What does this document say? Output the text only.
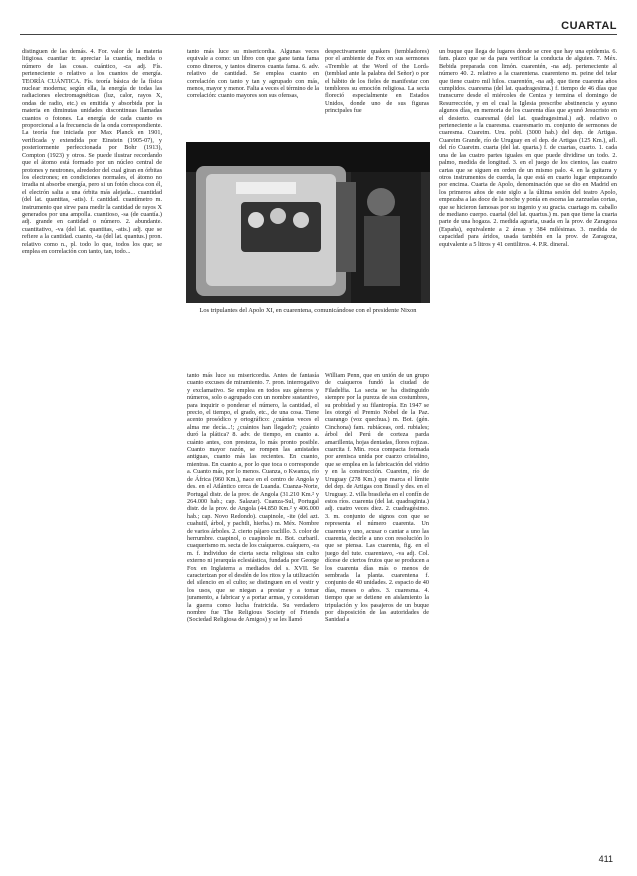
CUARTAL

distinguen de las demás. 4. For. valor de la materia litigiosa. cuantiar tr. apreciar la cuantía, medida o número de las cosas. cuántico, -ca adj. Fís. perteneciente o relativo a los cuantos de energía. TEORÍA CUÁNTICA. Fís. teoría básica de la física nuclear moderna; según ella, la energía de todas las radiaciones electromagnéticas (luz, calor, rayos X, ondas de radio, etc.) es emitida y absorbida por la materia en diminutas unidades discontinuas llamadas cuantos o fotones. La energía de cada cuanto es proporcional a la frecuencia de la onda correspondiente. La teoría fue iniciada por Max Planck en 1901, verificada y extendida por Einstein (1905-07), y posteriormente perfeccionada por Bohr (1913), Compton (1923) y otros. Se puede ilustrar recordando que el átomo está formado por un núcleo central de protones y neutrones, alrededor del cual giran en órbitas los electrones; en condiciones normales, el átomo no irradia ni absorbe energía, pero si un fotón choca con él, el electrón salta a una órbita más alejada... cuantidad (del lat. quantitas, -atis). f. cantidad. cuantímetro m. instrumento que sirve para medir la cantidad de rayos X generados por una ampolla. cuantioso, -sa (de cuantía.) adj. grande en cantidad o número. 2. abundante. cuantitativo, -va (del lat. quantitas, -atis.) adj. que se refiere a la cantidad. cuanto, -ta (del lat. quantus.) pron. relativo como n., pl. todo lo que, todos los que; se emplea en correlación con tanto, tan, todo...

tanto más luce su misericordia. Algunas veces equivale a como: un libro con que gane tanta fama como dineros, y tantos dineros cuanta fama. 6. adv. relativo de cantidad. Se emplea cuanto en correlación con tanto y tan y agrupado con más, menos, mayor y menor. Falta a veces el término de la correlación: cuanto mayores son sus ofensas,

despectivamente quakers (tembladores) por el ambiente de Fox en sus sermones «Tremble at the Word of the Lord» (temblad ante la palabra del Señor) o por el hábito de los fieles de manifestar con temblores su emoción religiosa. La secta floreció especialmente en Estados Unidos, donde uno de sus figuras principales fue

un buque que llega de lugares donde se cree que hay una epidemia. 6. fam. plazo que se da para verificar la conducta de alguien. 7. Méx. Bebida preparada con limón. cuarentén, -na adj. perteneciente al número 40. 2. relativo a la cuarentena. cuarenteno m. peine del telar que tiene cuatro mil hilos. cuarentón, -na adj. que tiene cuarenta años cumplidos. cuaresma (del lat. quadragesima.) f. tiempo de 46 días que transcurre desde el miércoles de Ceniza y termina el domingo de Resurrección, y en el cual la Iglesia prescribe abstinencia y ayuno algunos días, en memoria de los cuarenta días que ayunó Jesucristo en el desierto. cuaresmal (del lat. quadragesimal.) adj. relativo o perteneciente a la cuaresma. cuaresmario m. conjunto de sermones de cuaresma. Cuareim. Uru. pobl. (3000 hab.) del dep. de Artigas. Cuareim Grande, río de Uruguay en el dep. de Artigas (125 Km.), afl. del río Cuareim. cuarta (del lat. quarta.) f. de cuartas, cuarto. 1. cada una de las cuatro partes iguales en que puede dividirse un todo. 2. palmo, medida de longitud. 3. en el juego de los cientos, las cuatro cartas que se siguen en orden de un mismo palo. 4. en la guitarra y otros instrumentos de cuerda, la que está en cuarto lugar empezando por encima. Cuarta de Apolo, denominación que se dio en Madrid en los primeros años de este siglo a la última sesión del teatro Apolo, empezaba a las doce de la noche y ponía en escena las zarzuelas cortas, que se hicieron famosas por su ingenio y su gracia. cuartago m. caballo de mediano cuerpo. cuartal (del lat. quartus.) m. pan que tiene la cuarta parte de una hogaza. 2. medida agraria, usada en la prov. de Zaragoza (España), equivalente a 2 áreas y 384 milésimas. 3. medida de capacidad para áridos, usada también en la prov. de Zaragoza, equivalente a 5 litros y 41 centilitros. 4. P.R. dineral.

Los tripulantes del Apolo XI, en cuarentena, comunicándose con el presidente Nixon

tanto más luce su misericordia. Antes de fantasía cuanto excuses de miramiento. 7. pron. interrogativo y exclamativo. Se emplea en todos sus géneros y números, solo o agrupado con un nombre sustantivo, para inquirir o ponderar el número, la cantidad, el precio, el tiempo, el grado, etc., de una cosa. Tiene acento prosódico y ortográfico: ¿cuántas veces el alma me decía...!; ¿cuántos han llegado?; ¿cuánto duró la plática? 8. adv. de tiempo, en cuanto a. cuánto antes, con presteza, lo más pronto posible. Cuanto mayor razón, se rompen las amistades antiguas, cuanto más las recientes. En cuanto, mientras. En cuanto a, por lo que toca o corresponde a. Cuanto más, por lo menos. Cuanza, o Kwanza, río de África (960 Km.), nace en el centro de Angola y des. en el Atlántico cerca de Luanda. Cuanza-Norte, Portugal distr. de la prov. de Angola (31.210 Km.² y 264.000 hab.; cap. Salazar). Cuanza-Sul, Portugal distr. de la prov. de Angola (44.850 Km.² y 406.000 hab.; cap. Novo Redondo). cuapinole, -ite (del azt. cuahuitl, árbol, y pachtli, hierba.) m. Méx. Nombre de varios árboles. 2. cierto pájaro cuclillo. 3. color de herrumbre. cuapinol, o cuapinole m. Bot. curbaril. cuaquerismo m. secta de los cuáqueros. cuáquero, -ra m. f. individuo de cierta secta religiosa sin culto externo ni jerarquía eclesiástica, fundada por George Fox en Inglaterra a mediados del s. XVII. Se caracterizan por el desdén de los ritos y la utilización del silencio en el culto; se distinguen en el vestir y los usos, que se niegan a prestar y a tomar juramento, a fabricar y a portar armas, y consideran la guerra como lucha fratricida. Su verdadero nombre fue The Religious Society of Friends (Sociedad Religiosa de Amigos) y se les llamó

William Penn, que en unión de un grupo de cuáqueros fundó la ciudad de Filadelfia. La secta se ha distinguido siempre por la pureza de sus costumbres, su probidad y su filantropía. En 1947 se les otorgó el Premio Nobel de la Paz. cuarango (voz quechua.) m. Bot. (gén. Cinchona) fam. rubiáceas, ord. rubiales; árbol del Perú de corteza parda amarillenta, hojas dentadas, flores rojizas. cuarcita f. Min. roca compacta formada por arenisca unida por cuarzo cristalino, que se emplea en la fabricación del vidrio y en la construcción. Cuareim, río de Uruguay (278 Km.) que marca el límite del dep. de Artigas con Brasil y des. en el Uruguay. 2. villa brasileña en el confín de estos ríos. cuarenta (del lat. quadraginta.) adj. cuatro veces diez. 2. cuadragésimo. 3. m. conjunto de signos con que se representa el número cuarenta. Un cuarenta y uno, acusar o cantar a uno las cuarenta, decirle a uno con resolución lo que se piensa. Las cuarenta, fig. en el juego del tute. cuarentavo, -va adj. Col. dícese de ciertos frutos que se producen a los cuarenta días más o menos de sembrada la planta. cuarentena f. conjunto de 40 unidades. 2. espacio de 40 días, meses o años. 3. cuaresma. 4. tiempo que se detiene en aislamiento la tripulación y los pasajeros de un buque por disposición de las autoridades de Sanidad a

411
